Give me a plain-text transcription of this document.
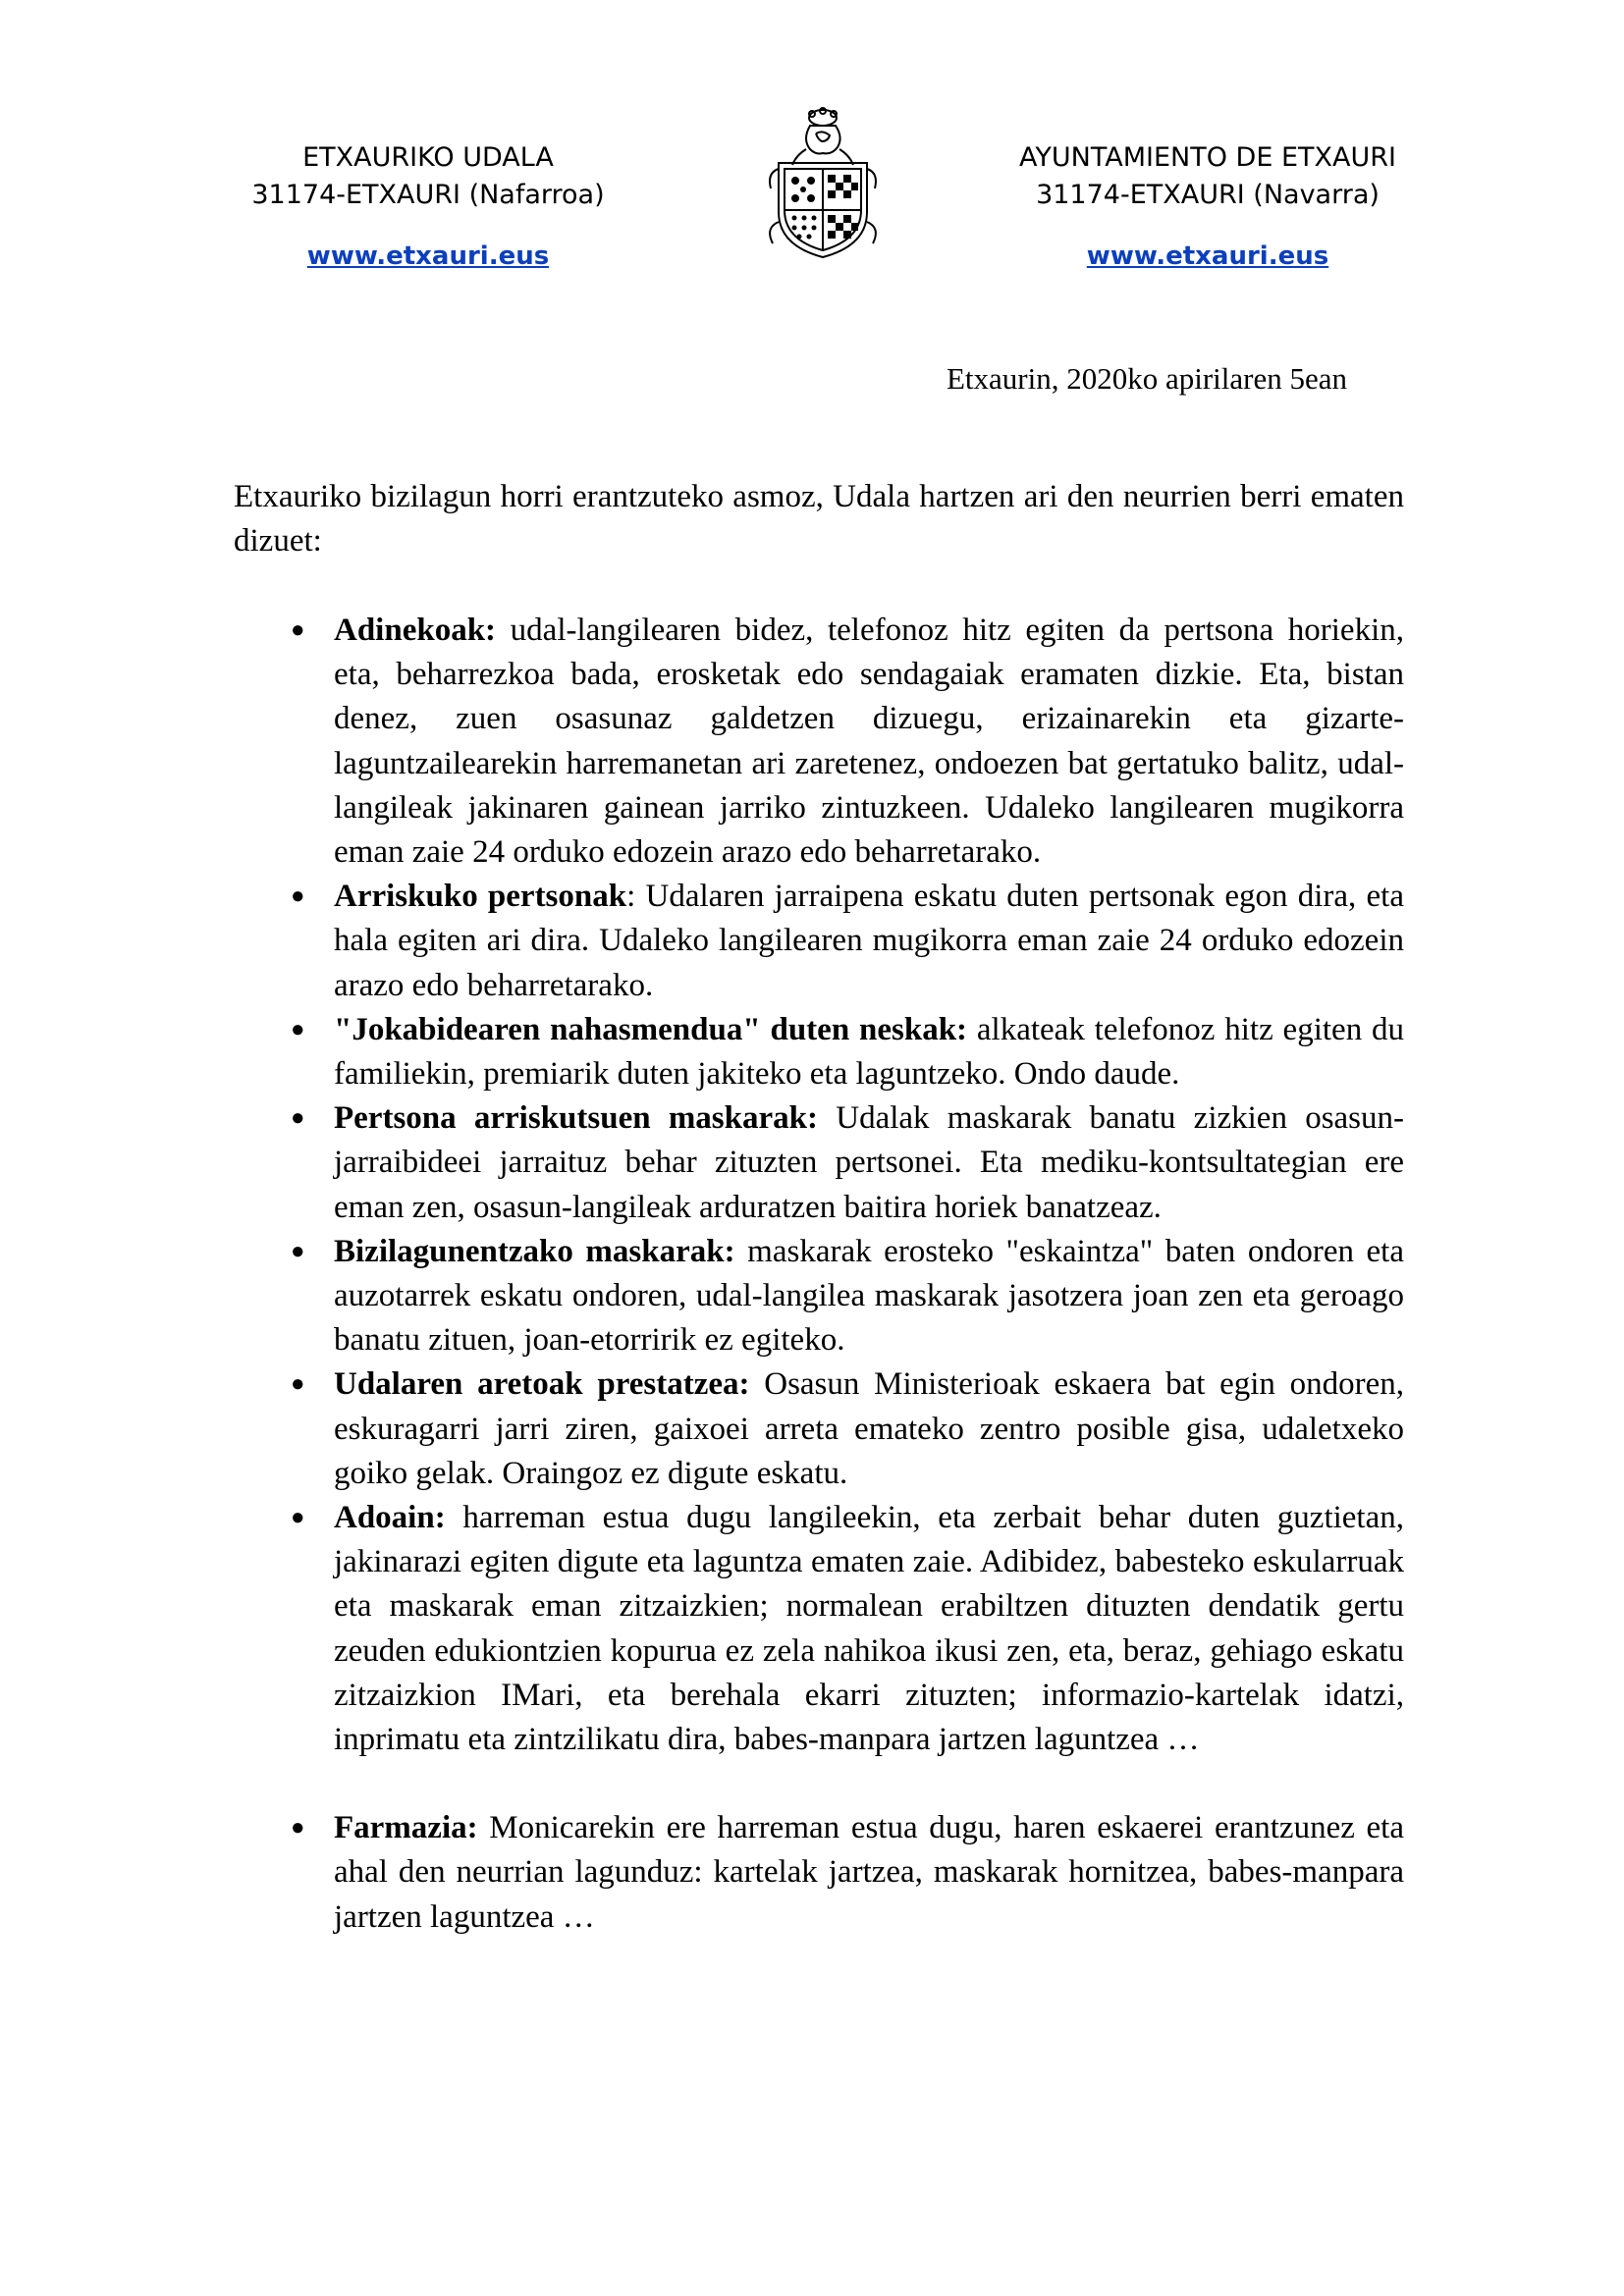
ETXAURIKO UDALA
31174-ETXAURI (Nafarroa)
www.etxauri.eus
AYUNTAMIENTO DE ETXAURI
31174-ETXAURI (Navarra)
www.etxauri.eus
Etxaurin, 2020ko apirilaren 5ean

Etxauriko bizilagun horri erantzuteko asmoz, Udala hartzen ari den neurrien berri ematen dizuet:

● Adinekoak: udal-langilearen bidez, telefonoz hitz egiten da pertsona horiekin, eta, beharrezkoa bada, erosketak edo sendagaiak eramaten dizkie. Eta, bistan denez, zuen osasunaz galdetzen dizuegu, erizainarekin eta gizarte-laguntzailearekin harremanetan ari zaretenez, ondoezen bat gertatuko balitz, udal-langileak jakinaren gainean jarriko zintuzkeen. Udaleko langilearen mugikorra eman zaie 24 orduko edozein arazo edo beharretarako.
● Arriskuko pertsonak: Udalaren jarraipena eskatu duten pertsonak egon dira, eta hala egiten ari dira. Udaleko langilearen mugikorra eman zaie 24 orduko edozein arazo edo beharretarako.
● "Jokabidearen nahasmendua" duten neskak: alkateak telefonoz hitz egiten du familiekin, premiarik duten jakiteko eta laguntzeko. Ondo daude.
● Pertsona arriskutsuen maskarak: Udalak maskarak banatu zizkien osasun-jarraibideei jarraituz behar zituzten pertsonei. Eta mediku-kontsultategian ere eman zen, osasun-langileak arduratzen baitira horiek banatzeaz.
● Bizilagunentzako maskarak: maskarak erosteko "eskaintza" baten ondoren eta auzotarrek eskatu ondoren, udal-langilea maskarak jasotzera joan zen eta geroago banatu zituen, joan-etorririk ez egiteko.
● Udalaren aretoak prestatzea: Osasun Ministerioak eskaera bat egin ondoren, eskuragarri jarri ziren, gaixoei arreta emateko zentro posible gisa, udaletxeko goiko gelak. Oraingoz ez digute eskatu.
● Adoain: harreman estua dugu langileekin, eta zerbait behar duten guztietan, jakinarazi egiten digute eta laguntza ematen zaie. Adibidez, babesteko eskularruak eta maskarak eman zitzaizkien; normalean erabiltzen dituzten dendatik gertu zeuden edukiontzien kopurua ez zela nahikoa ikusi zen, eta, beraz, gehiago eskatu zitzaizkion IMari, eta berehala ekarri zituzten; informazio-kartelak idatzi, inprimatu eta zintzilikatu dira, babes-manpara jartzen laguntzea …
● Farmazia: Monicarekin ere harreman estua dugu, haren eskaerei erantzunez eta ahal den neurrian lagunduz: kartelak jartzea, maskarak hornitzea, babes-manpara jartzen laguntzea …
